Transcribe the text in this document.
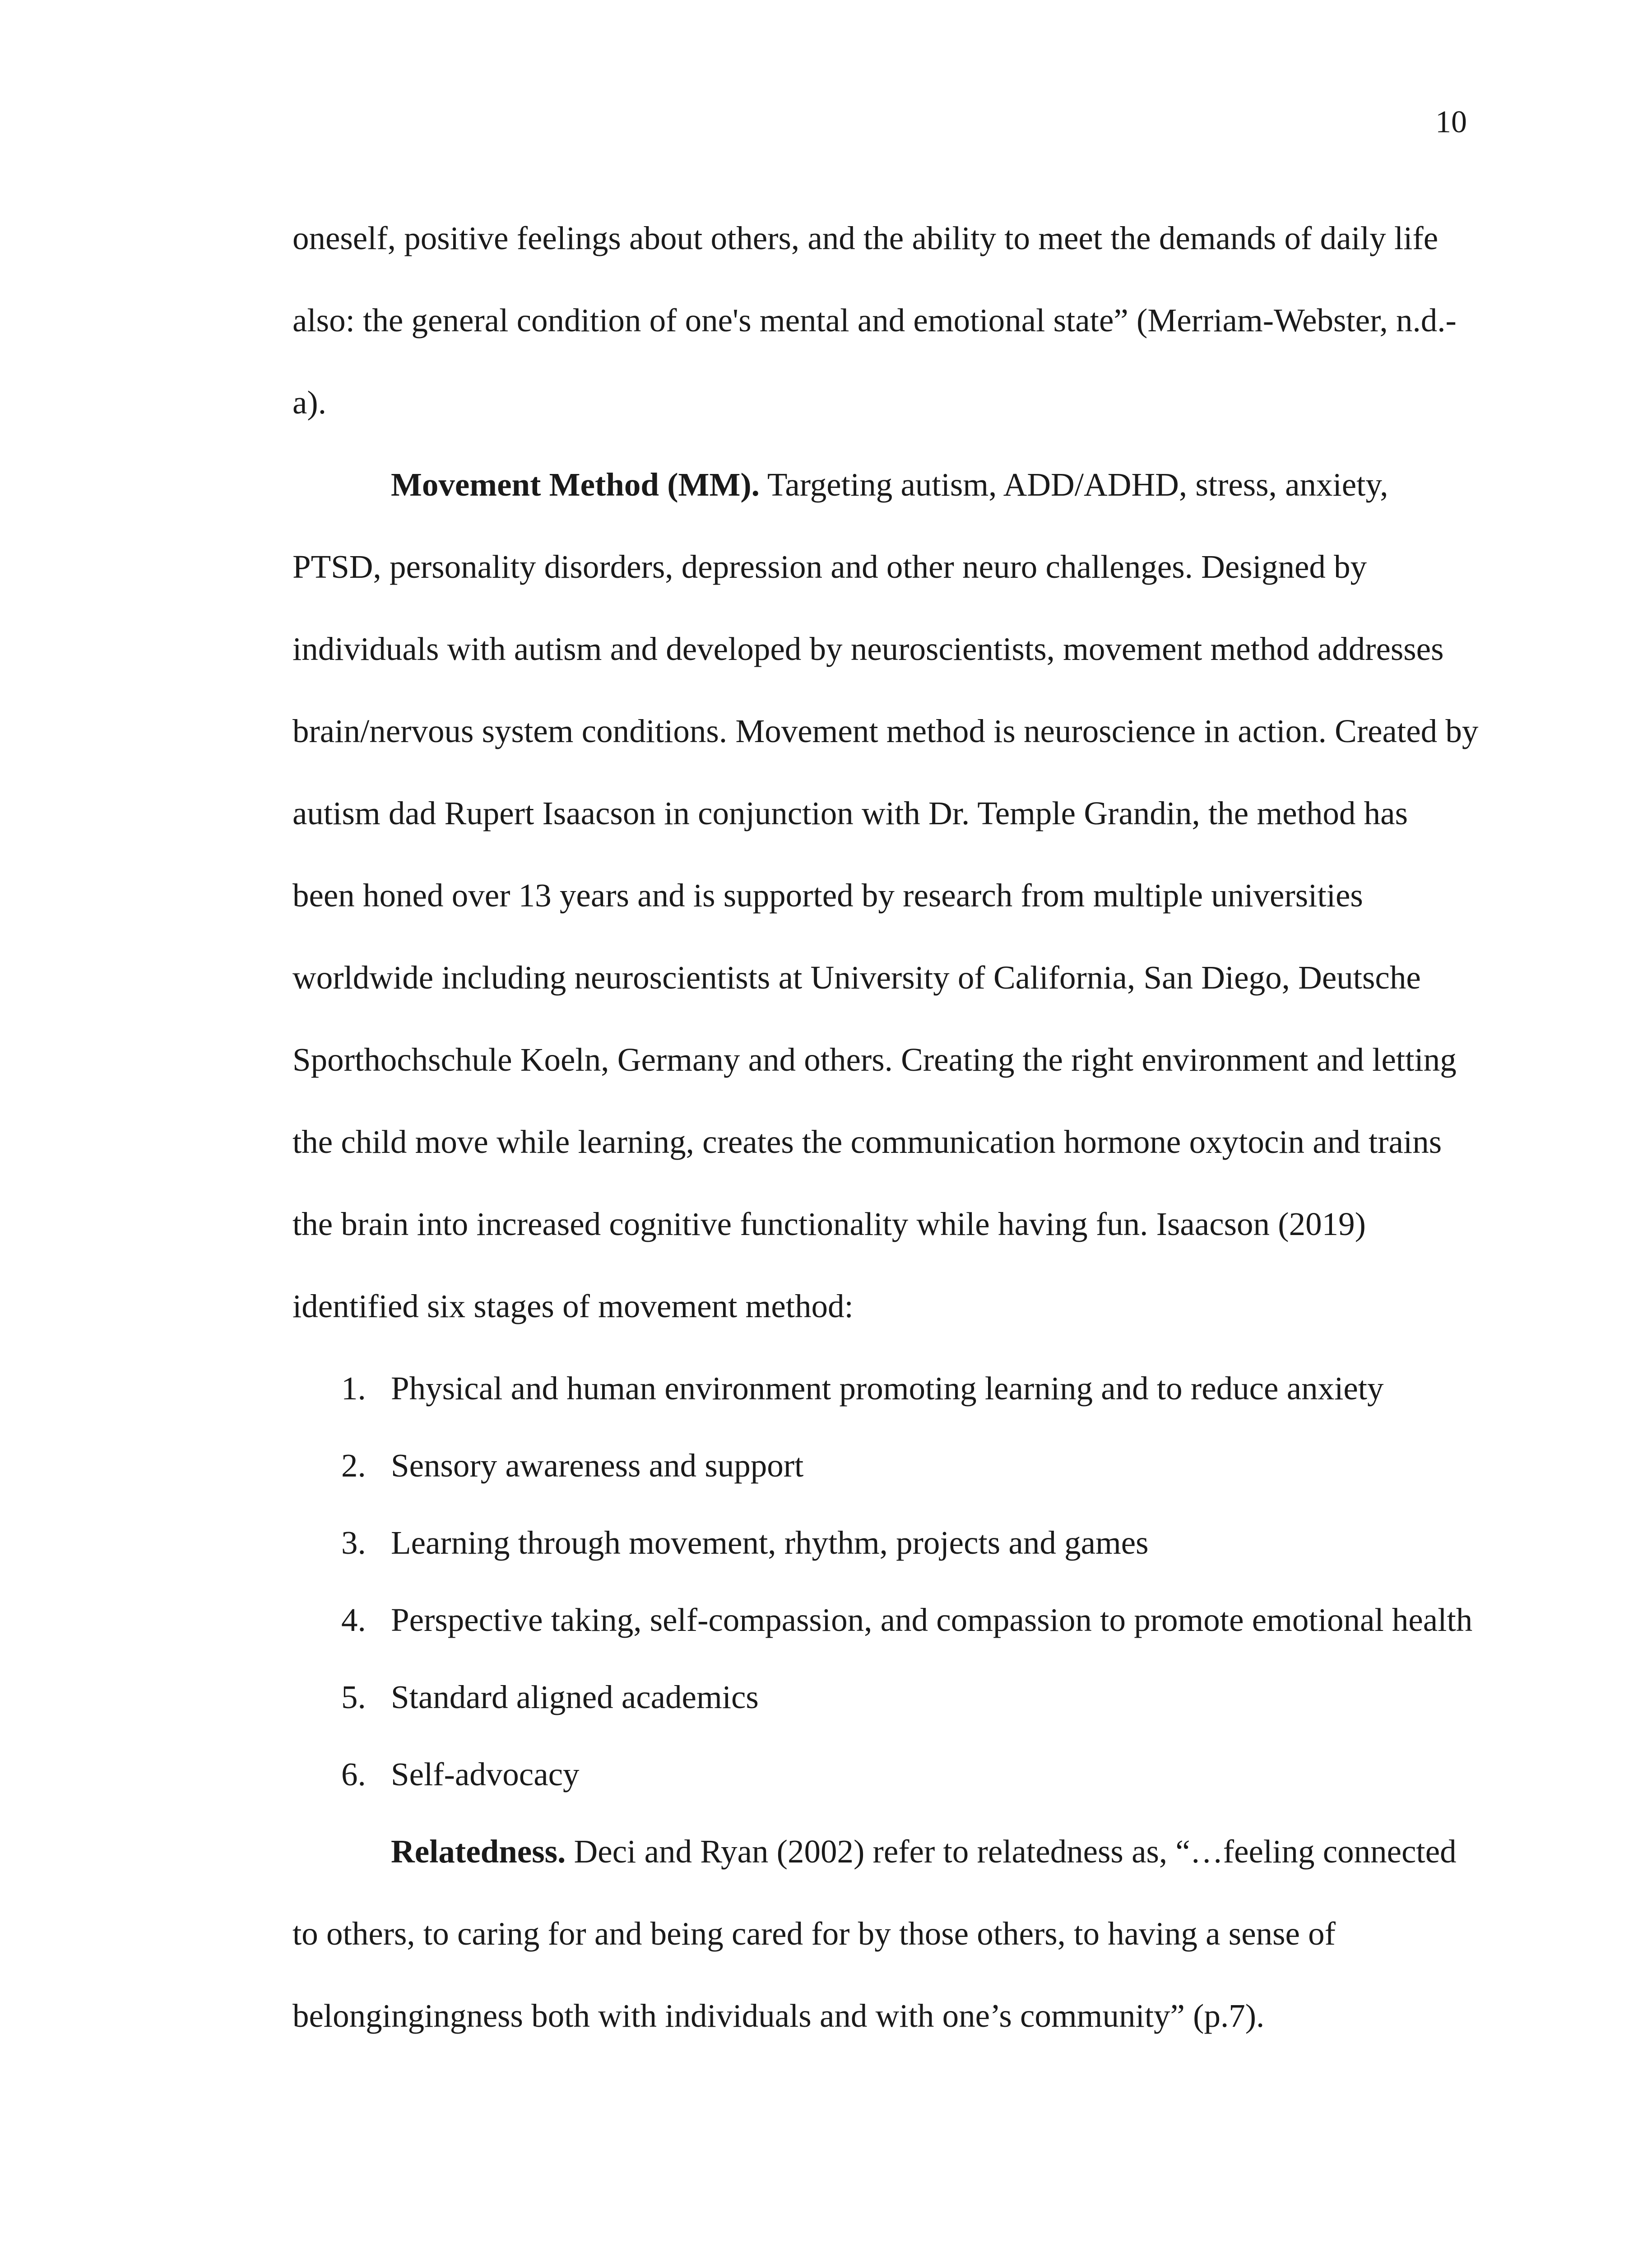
10
oneself, positive feelings about others, and the ability to meet the demands of daily life
also: the general condition of one's mental and emotional state” (Merriam-Webster, n.d.-
a).
Movement Method (MM). Targeting autism, ADD/ADHD, stress, anxiety,
PTSD, personality disorders, depression and other neuro challenges. Designed by
individuals with autism and developed by neuroscientists, movement method addresses
brain/nervous system conditions. Movement method is neuroscience in action. Created by
autism dad Rupert Isaacson in conjunction with Dr. Temple Grandin, the method has
been honed over 13 years and is supported by research from multiple universities
worldwide including neuroscientists at University of California, San Diego, Deutsche
Sporthochschule Koeln, Germany and others. Creating the right environment and letting
the child move while learning, creates the communication hormone oxytocin and trains
the brain into increased cognitive functionality while having fun. Isaacson (2019)
identified six stages of movement method:
1. Physical and human environment promoting learning and to reduce anxiety
2. Sensory awareness and support
3. Learning through movement, rhythm, projects and games
4. Perspective taking, self-compassion, and compassion to promote emotional health
5. Standard aligned academics
6. Self-advocacy
Relatedness. Deci and Ryan (2002) refer to relatedness as, “…feeling connected
to others, to caring for and being cared for by those others, to having a sense of
belongingingness both with individuals and with one’s community” (p.7).
